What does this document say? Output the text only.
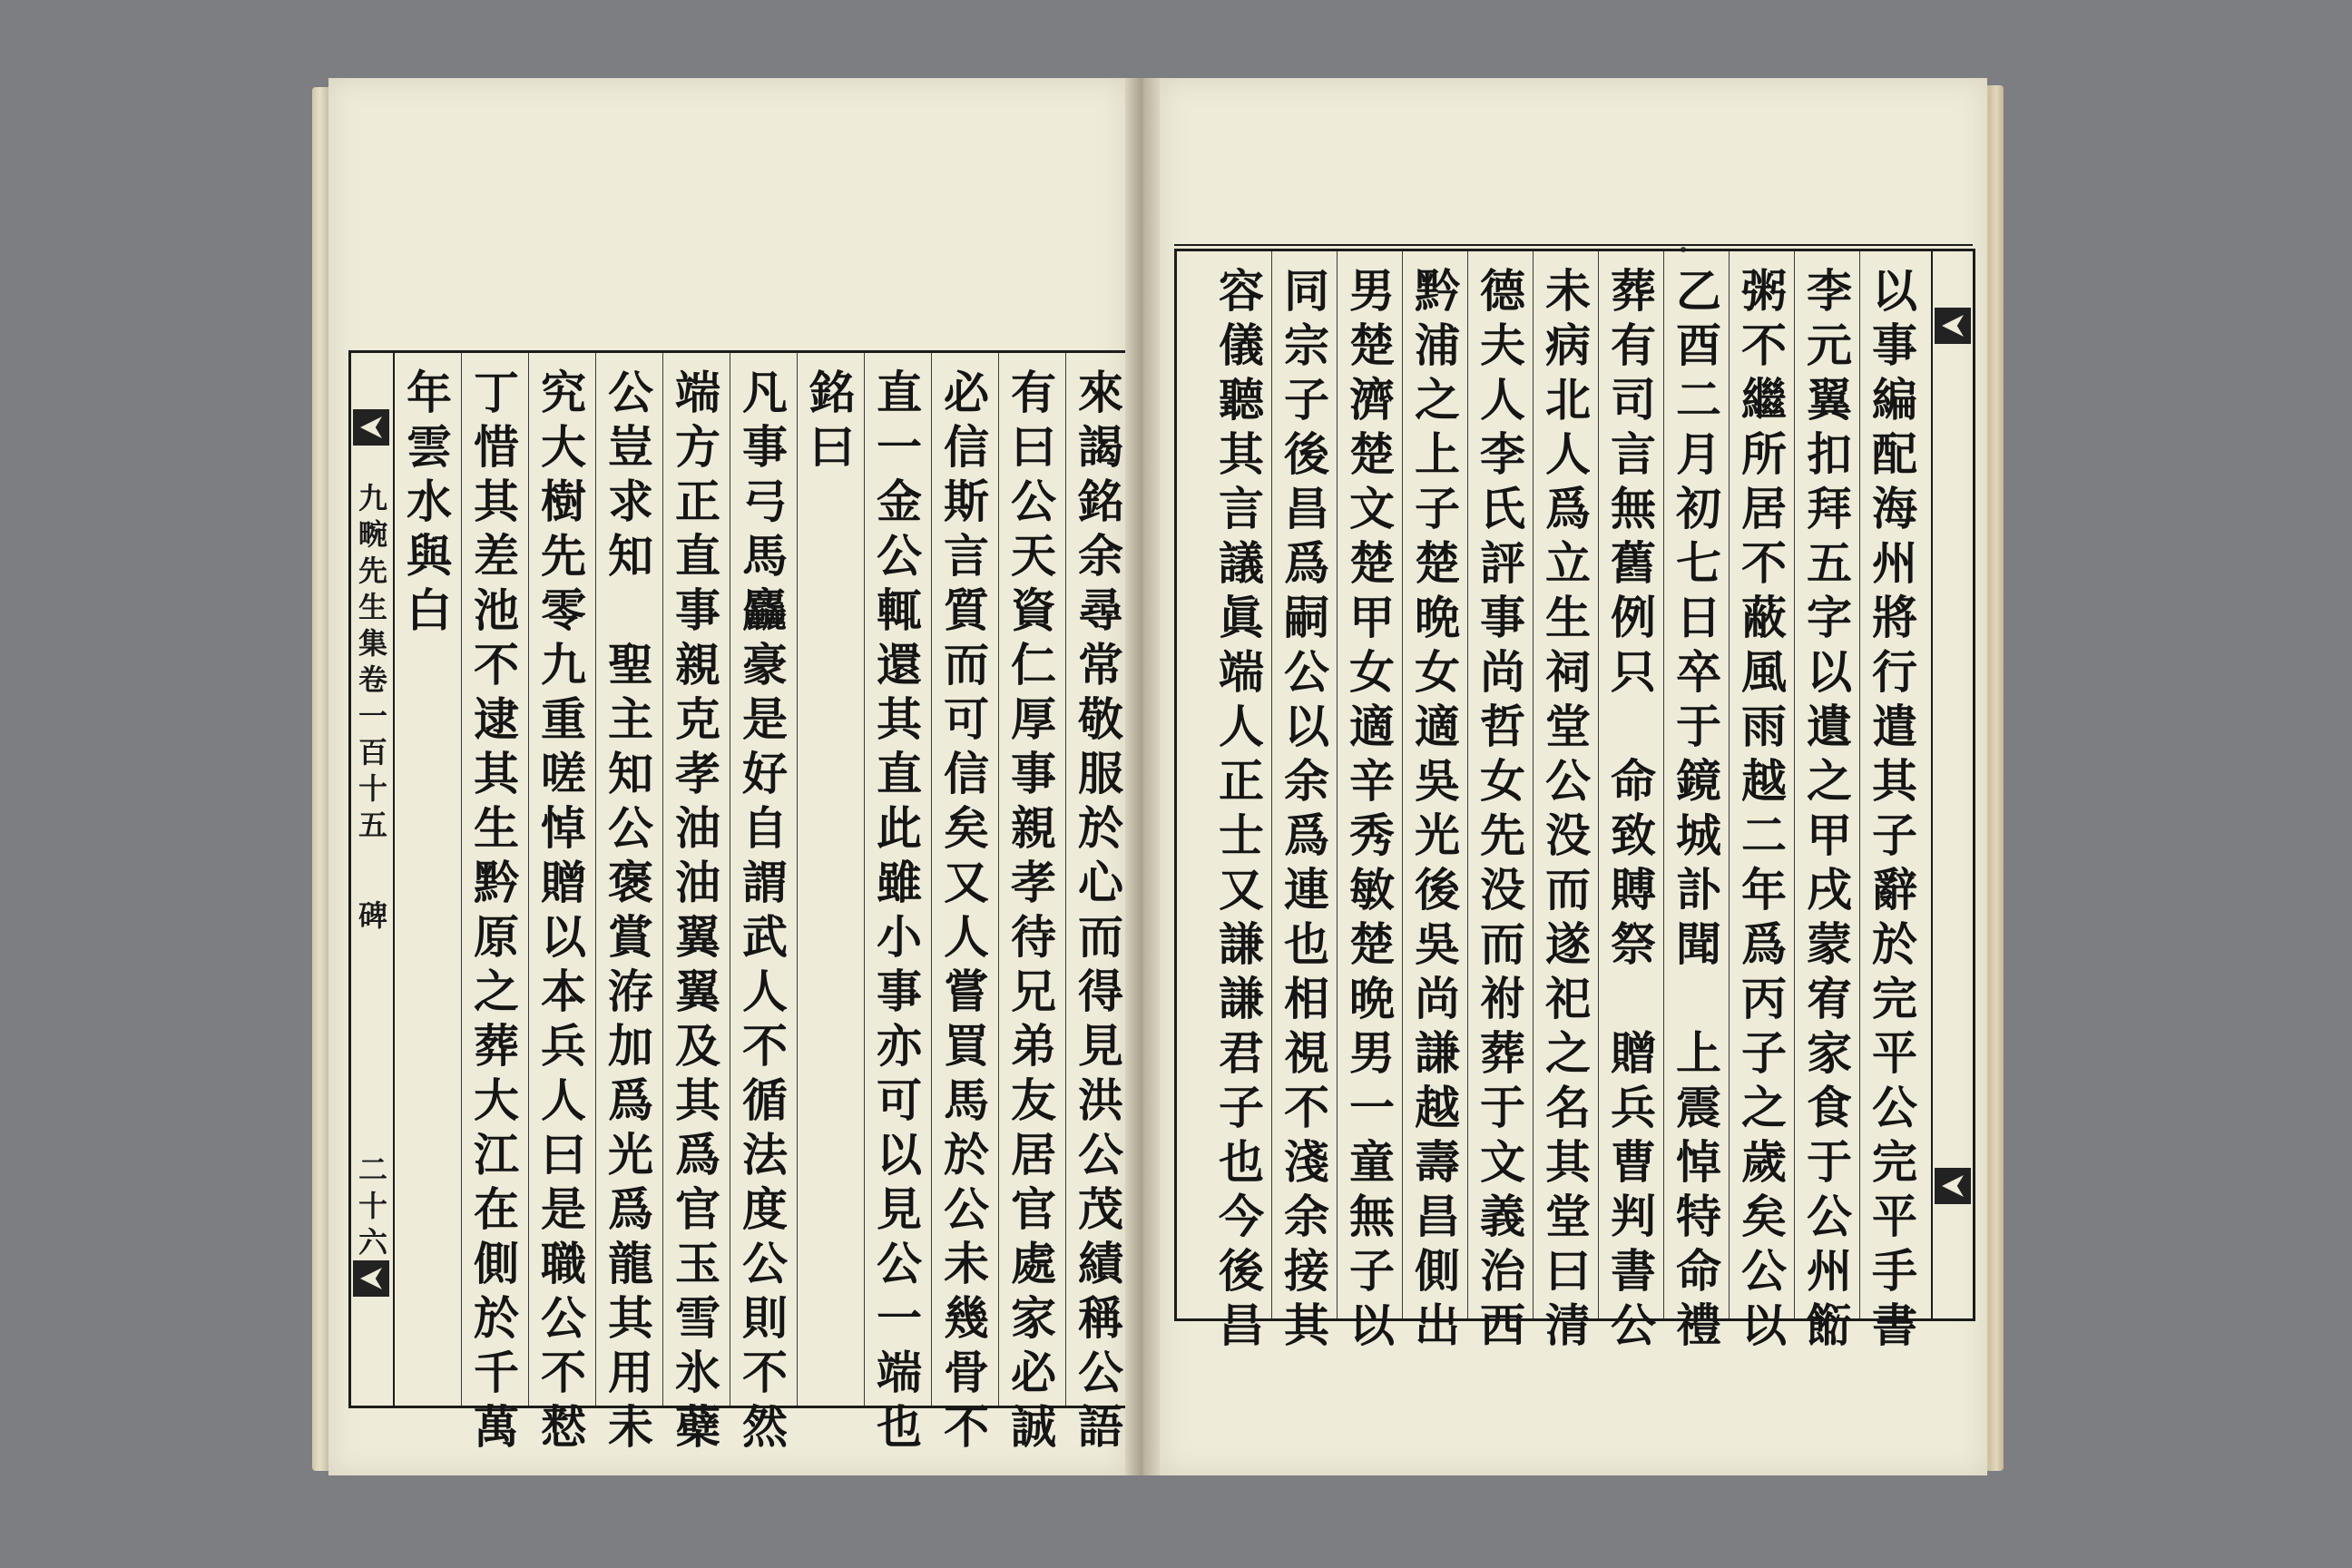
九
畹
先
生
集
卷
一
百
十
五
碑
二
十
六
來
謁
銘
余
尋
常
敬
服
於
心
而
得
見
洪
公
茂
績
稱
公
語
有
曰
公
天
資
仁
厚
事
親
孝
待
兄
弟
友
居
官
處
家
必
誠
必
信
斯
言
質
而
可
信
矣
又
人
嘗
買
馬
於
公
未
幾
骨
不
直
一
金
公
輒
還
其
直
此
雖
小
事
亦
可
以
見
公
一
端
也
銘
曰
凡
事
弓
馬
麤
豪
是
好
自
謂
武
人
不
循
法
度
公
則
不
然
端
方
正
直
事
親
克
孝
油
油
翼
翼
及
其
爲
官
玉
雪
氷
蘗
公
豈
求
知

聖
主
知
公
褒
賞
洊
加
爲
光
爲
龍
其
用
未
究
大
樹
先
零
九
重
嗟
悼
贈
以
本
兵
人
曰
是
職
公
不
慭
丁
惜
其
差
池
不
逮
其
生
黔
原
之
葬
大
江
在
側
於
千
萬
年
雲
水
與
白
以
事
編
配
海
州
將
行
遣
其
子
辭
於
完
平
公
完
平
手
書
李
元
翼
扣
拜
五
字
以
遺
之
甲
戌
蒙
宥
家
食
于
公
州
餰
粥
不
繼
所
居
不
蔽
風
雨
越
二
年
爲
丙
子
之
歲
矣
公
以
乙
酉
二
月
初
七
日
卒
于
鏡
城
訃
聞

上
震
悼
特
命
禮
葬
有
司
言
無
舊
例
只

命
致
賻
祭

贈
兵
曹
判
書
公
未
病
北
人
爲
立
生
祠
堂
公
没
而
遂
祀
之
名
其
堂
曰
清
德
夫
人
李
氏
評
事
尚
哲
女
先
没
而
祔
葬
于
文
義
治
西
黔
浦
之
上
子
楚
晩
女
適
吳
光
後
吳
尚
謙
越
壽
昌
側
出
男
楚
濟
楚
文
楚
甲
女
適
辛
秀
敏
楚
晩
男
一
童
無
子
以
同
宗
子
後
昌
爲
嗣
公
以
余
爲
連
也
相
視
不
淺
余
接
其
容
儀
聽
其
言
議
眞
端
人
正
士
又
謙
謙
君
子
也
今
後
昌
